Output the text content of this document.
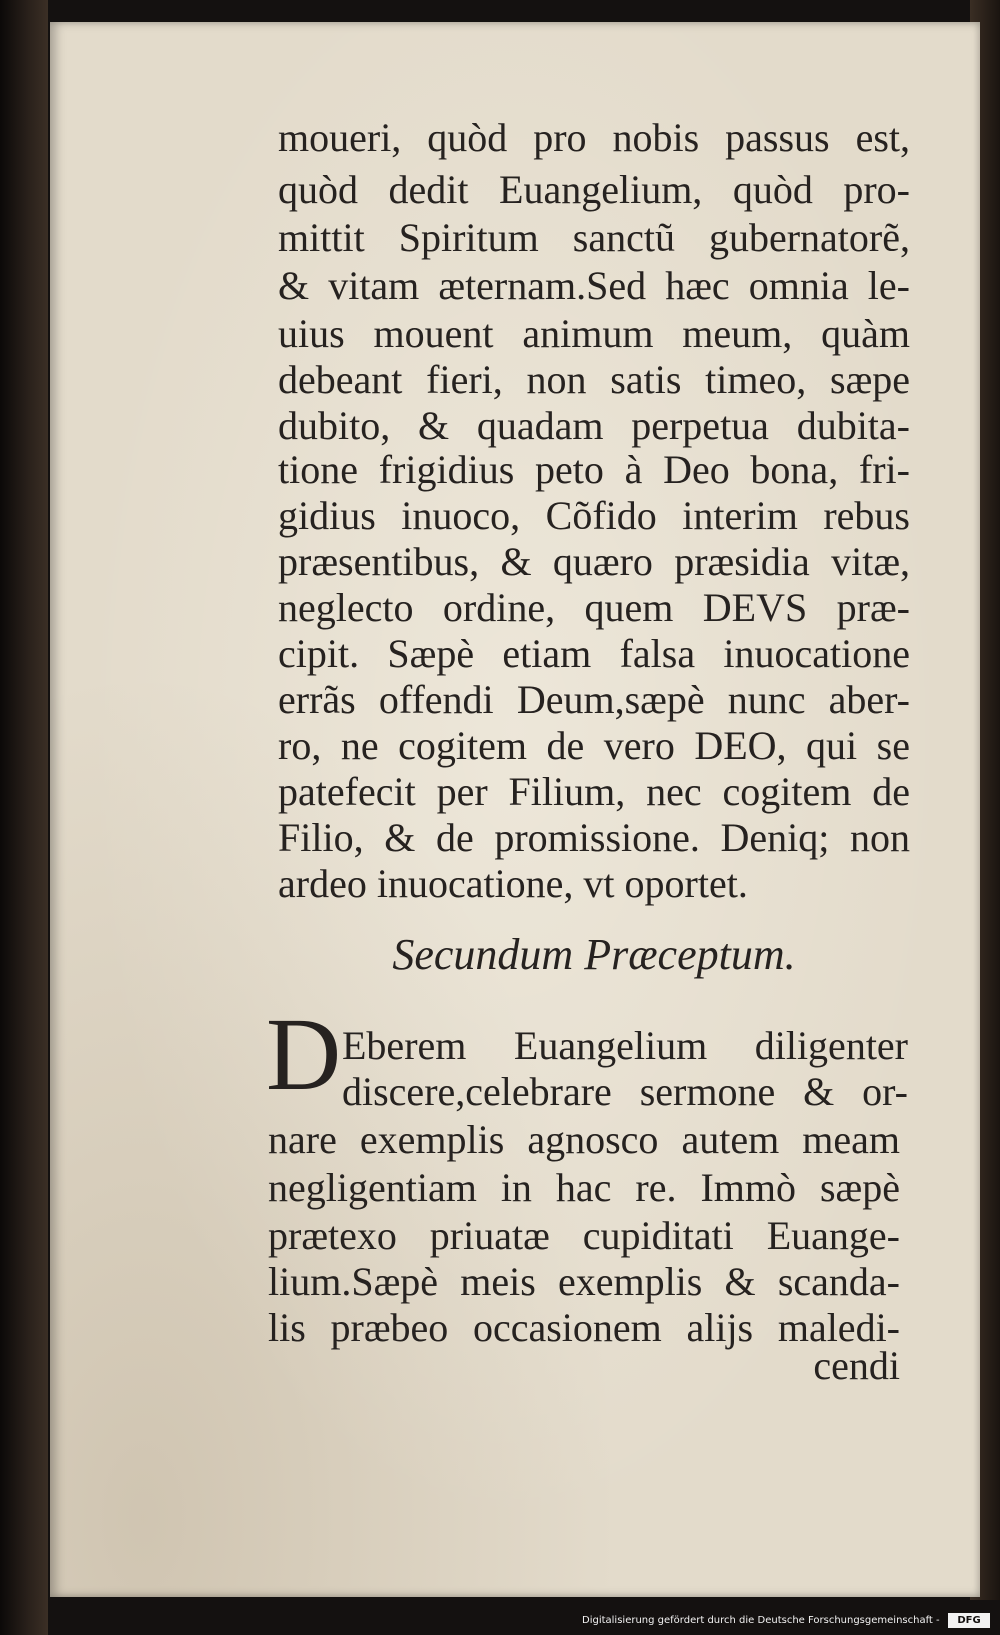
moueri, quòd pro nobis passus est,
quòd dedit Euangelium, quòd pro-
mittit Spiritum sanctũ gubernatorẽ,
& vitam æternam.Sed hæc omnia le-
uius mouent animum meum, quàm
debeant fieri, non satis timeo, sæpe
dubito, & quadam perpetua dubita-
tione frigidius peto à Deo bona, fri-
gidius inuoco, Cõfido interim rebus
præsentibus, & quæro præsidia vitæ,
neglecto ordine, quem DEVS præ-
cipit. Sæpè etiam falsa inuocatione
errãs offendi Deum,sæpè nunc aber-
ro, ne cogitem de vero DEO, qui se
patefecit per Filium, nec cogitem de
Filio, & de promissione. Deniq; non
ardeo inuocatione, vt oportet.
Secundum Præceptum.
D Eberem Euangelium diligenter
discere,celebrare sermone & or-
nare exemplis agnosco autem meam
negligentiam in hac re. Immò sæpè
prætexo priuatæ cupiditati Euange-
lium.Sæpè meis exemplis & scanda-
lis præbeo occasionem alijs maledi-
cendi
Digitalisierung gefördert durch die Deutsche Forschungsgemeinschaft -	DFG
